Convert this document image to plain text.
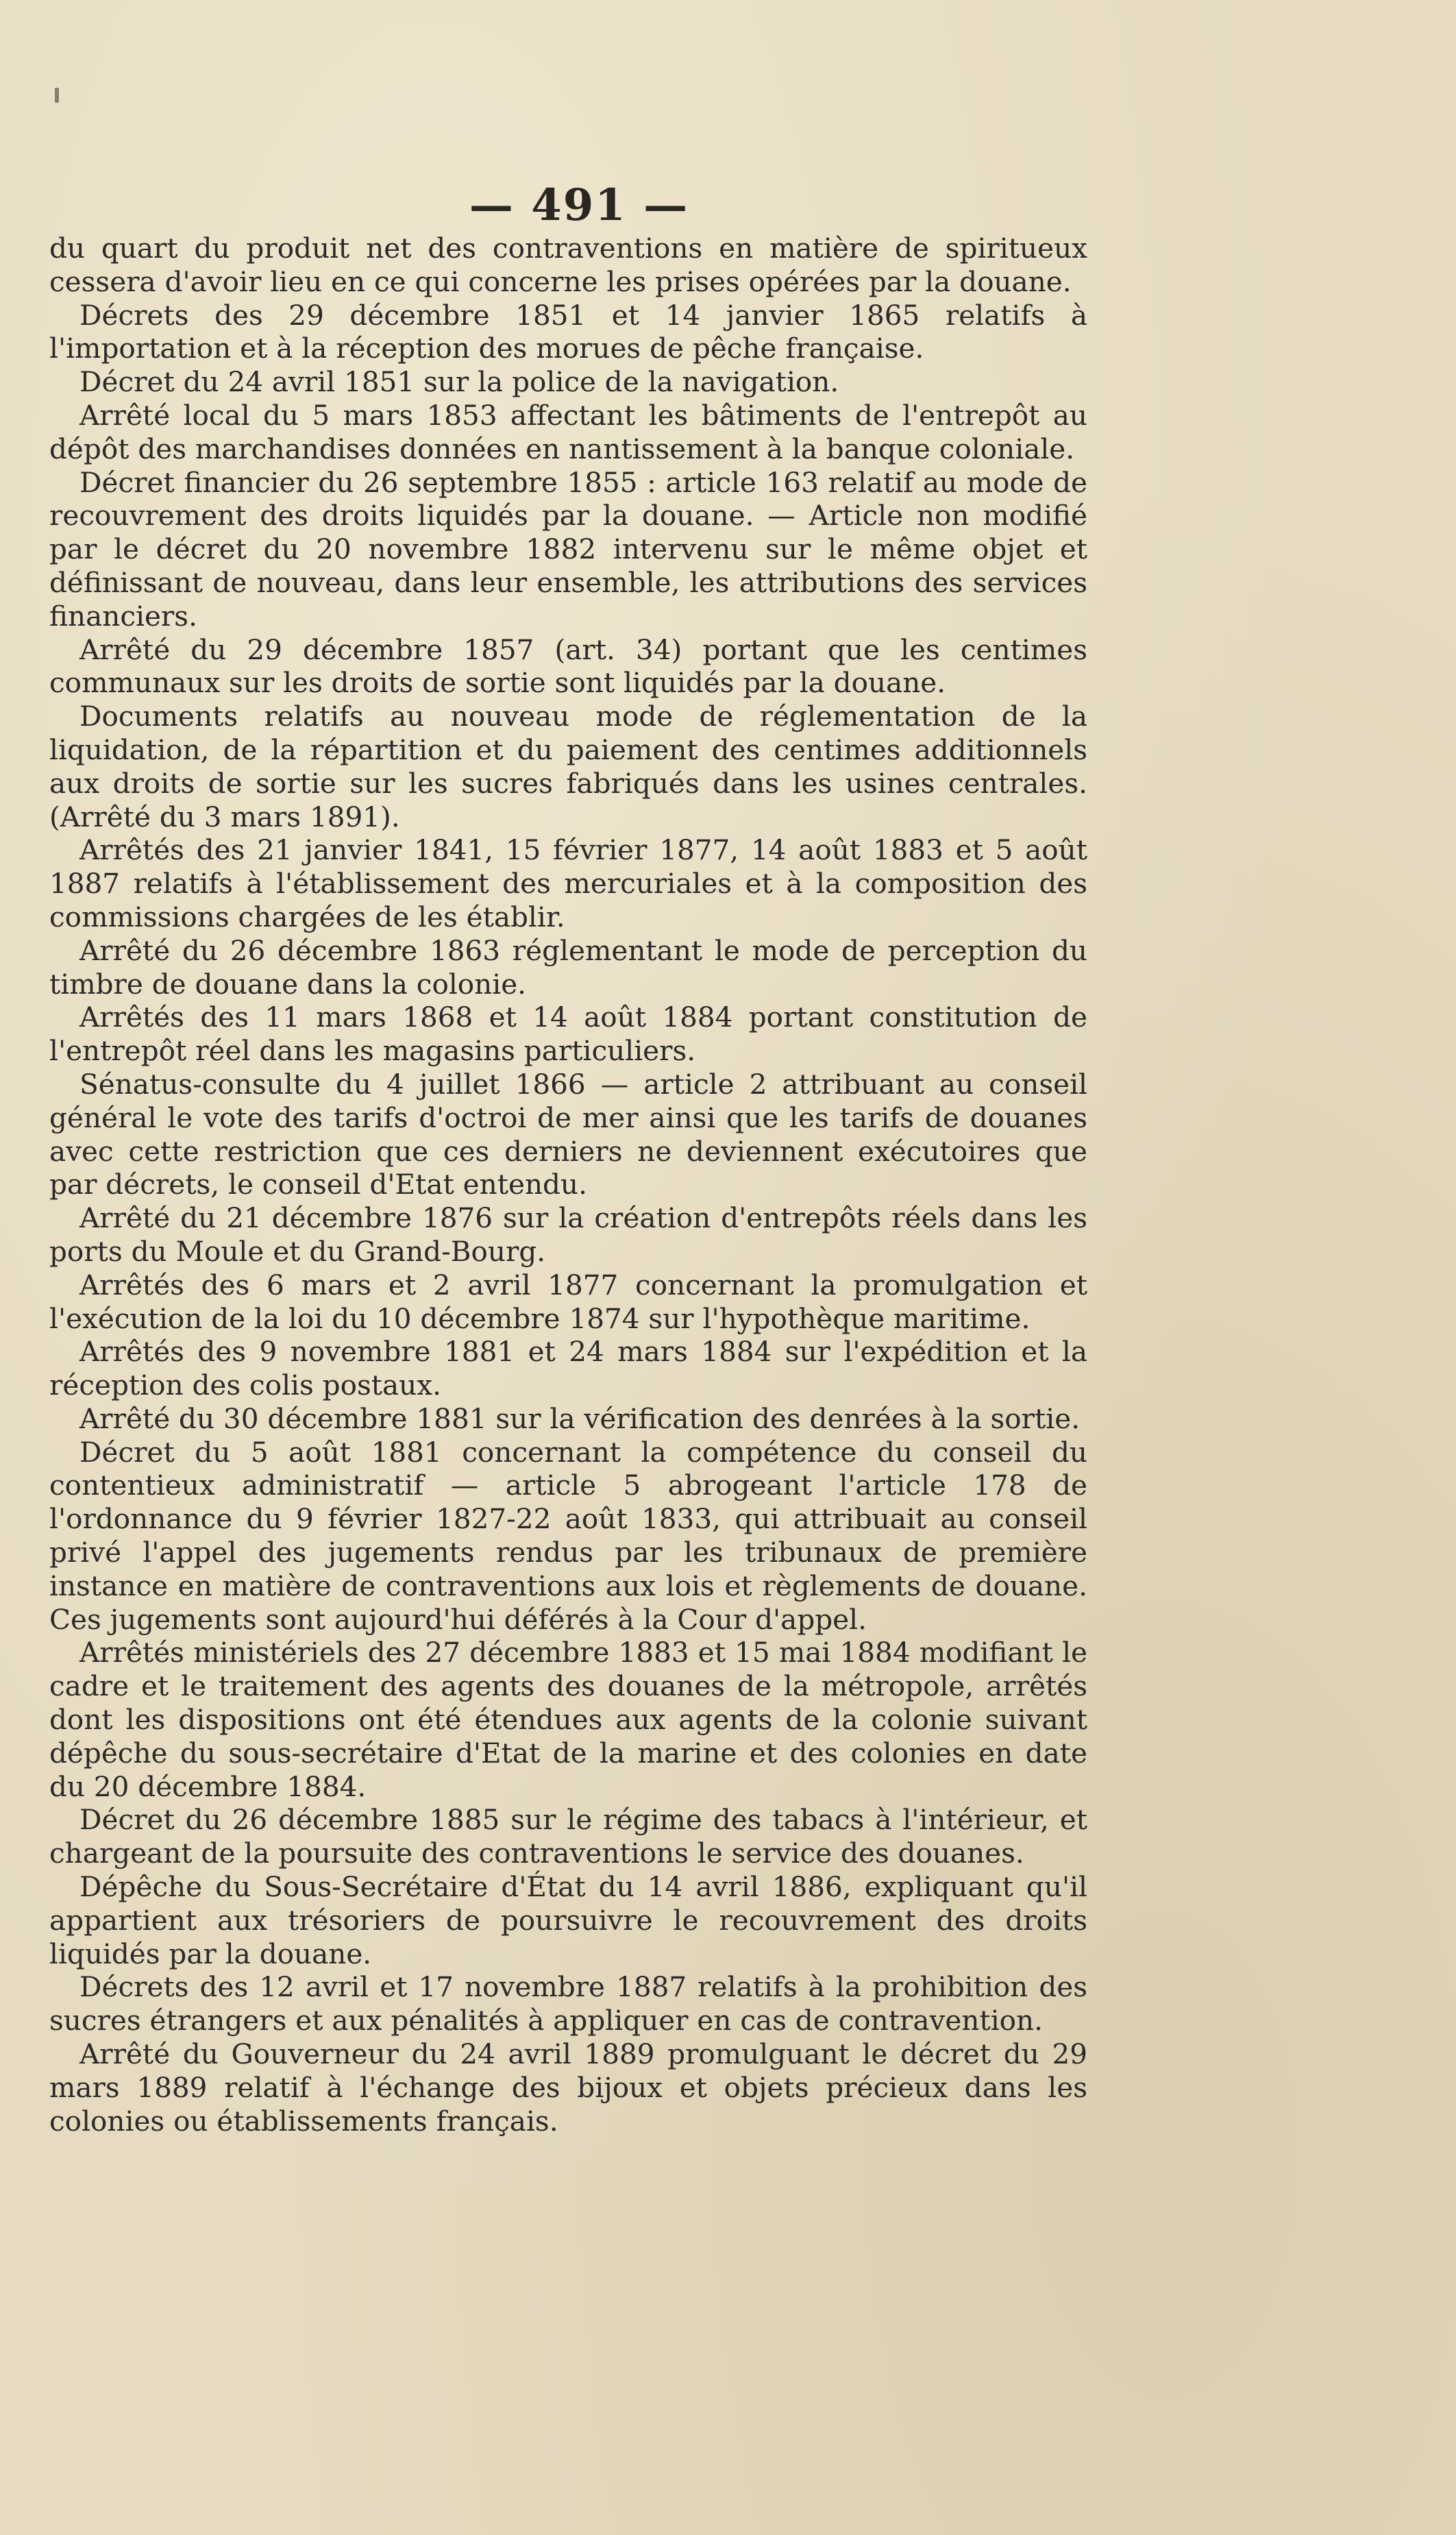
— 491 —

du quart du produit net des contraventions en matière de spiritueux cessera d'avoir lieu en ce qui concerne les prises opérées par la douane.

Décrets des 29 décembre 1851 et 14 janvier 1865 relatifs à l'importation et à la réception des morues de pêche française.

Décret du 24 avril 1851 sur la police de la navigation.

Arrêté local du 5 mars 1853 affectant les bâtiments de l'entrepôt au dépôt des marchandises données en nantissement à la banque coloniale.

Décret financier du 26 septembre 1855 : article 163 relatif au mode de recouvrement des droits liquidés par la douane. — Article non modifié par le décret du 20 novembre 1882 intervenu sur le même objet et définissant de nouveau, dans leur ensemble, les attributions des services financiers.

Arrêté du 29 décembre 1857 (art. 34) portant que les centimes communaux sur les droits de sortie sont liquidés par la douane.

Documents relatifs au nouveau mode de réglementation de la liquidation, de la répartition et du paiement des centimes additionnels aux droits de sortie sur les sucres fabriqués dans les usines centrales. (Arrêté du 3 mars 1891).

Arrêtés des 21 janvier 1841, 15 février 1877, 14 août 1883 et 5 août 1887 relatifs à l'établissement des mercuriales et à la composition des commissions chargées de les établir.

Arrêté du 26 décembre 1863 réglementant le mode de perception du timbre de douane dans la colonie.

Arrêtés des 11 mars 1868 et 14 août 1884 portant constitution de l'entrepôt réel dans les magasins particuliers.

Sénatus-consulte du 4 juillet 1866 — article 2 attribuant au conseil général le vote des tarifs d'octroi de mer ainsi que les tarifs de douanes avec cette restriction que ces derniers ne deviennent exécutoires que par décrets, le conseil d'Etat entendu.

Arrêté du 21 décembre 1876 sur la création d'entrepôts réels dans les ports du Moule et du Grand-Bourg.

Arrêtés des 6 mars et 2 avril 1877 concernant la promulgation et l'exécution de la loi du 10 décembre 1874 sur l'hypothèque maritime.

Arrêtés des 9 novembre 1881 et 24 mars 1884 sur l'expédition et la réception des colis postaux.

Arrêté du 30 décembre 1881 sur la vérification des denrées à la sortie.

Décret du 5 août 1881 concernant la compétence du conseil du contentieux administratif — article 5 abrogeant l'article 178 de l'ordonnance du 9 février 1827-22 août 1833, qui attribuait au conseil privé l'appel des jugements rendus par les tribunaux de première instance en matière de contraventions aux lois et règlements de douane. Ces jugements sont aujourd'hui déférés à la Cour d'appel.

Arrêtés ministériels des 27 décembre 1883 et 15 mai 1884 modifiant le cadre et le traitement des agents des douanes de la métropole, arrêtés dont les dispositions ont été étendues aux agents de la colonie suivant dépêche du sous-secrétaire d'Etat de la marine et des colonies en date du 20 décembre 1884.

Décret du 26 décembre 1885 sur le régime des tabacs à l'intérieur, et chargeant de la poursuite des contraventions le service des douanes.

Dépêche du Sous-Secrétaire d'État du 14 avril 1886, expliquant qu'il appartient aux trésoriers de poursuivre le recouvrement des droits liquidés par la douane.

Décrets des 12 avril et 17 novembre 1887 relatifs à la prohibition des sucres étrangers et aux pénalités à appliquer en cas de contravention.

Arrêté du Gouverneur du 24 avril 1889 promulguant le décret du 29 mars 1889 relatif à l'échange des bijoux et objets précieux dans les colonies ou établissements français.
